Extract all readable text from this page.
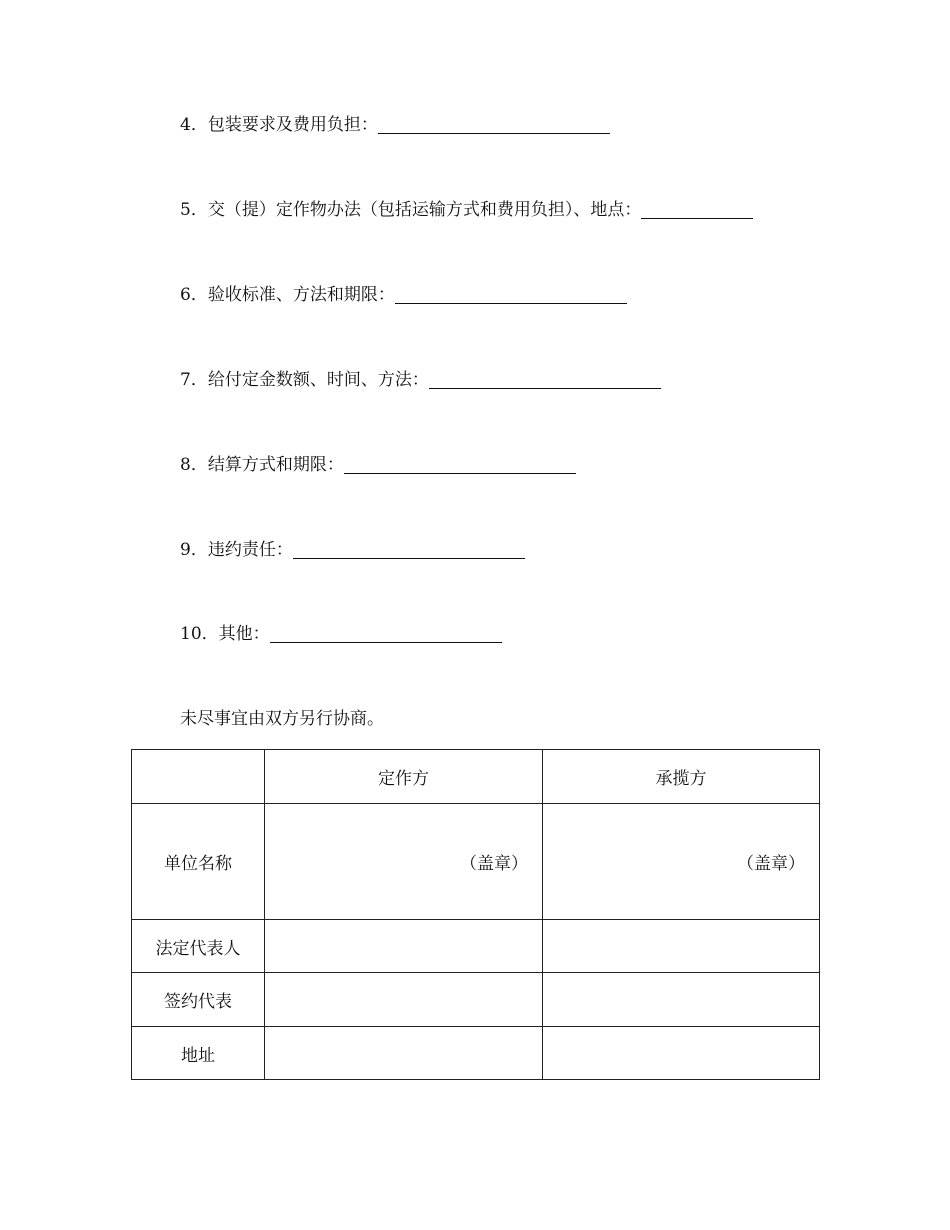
4．包装要求及费用负担：
5．交（提）定作物办法（包括运输方式和费用负担）、地点：
6．验收标准、方法和期限：
7．给付定金数额、时间、方法：
8．结算方式和期限：
9．违约责任：
10．其他：
未尽事宜由双方另行协商。
	定作方	承揽方
单位名称	（盖章）	（盖章）
法定代表人		
签约代表		
地址		
